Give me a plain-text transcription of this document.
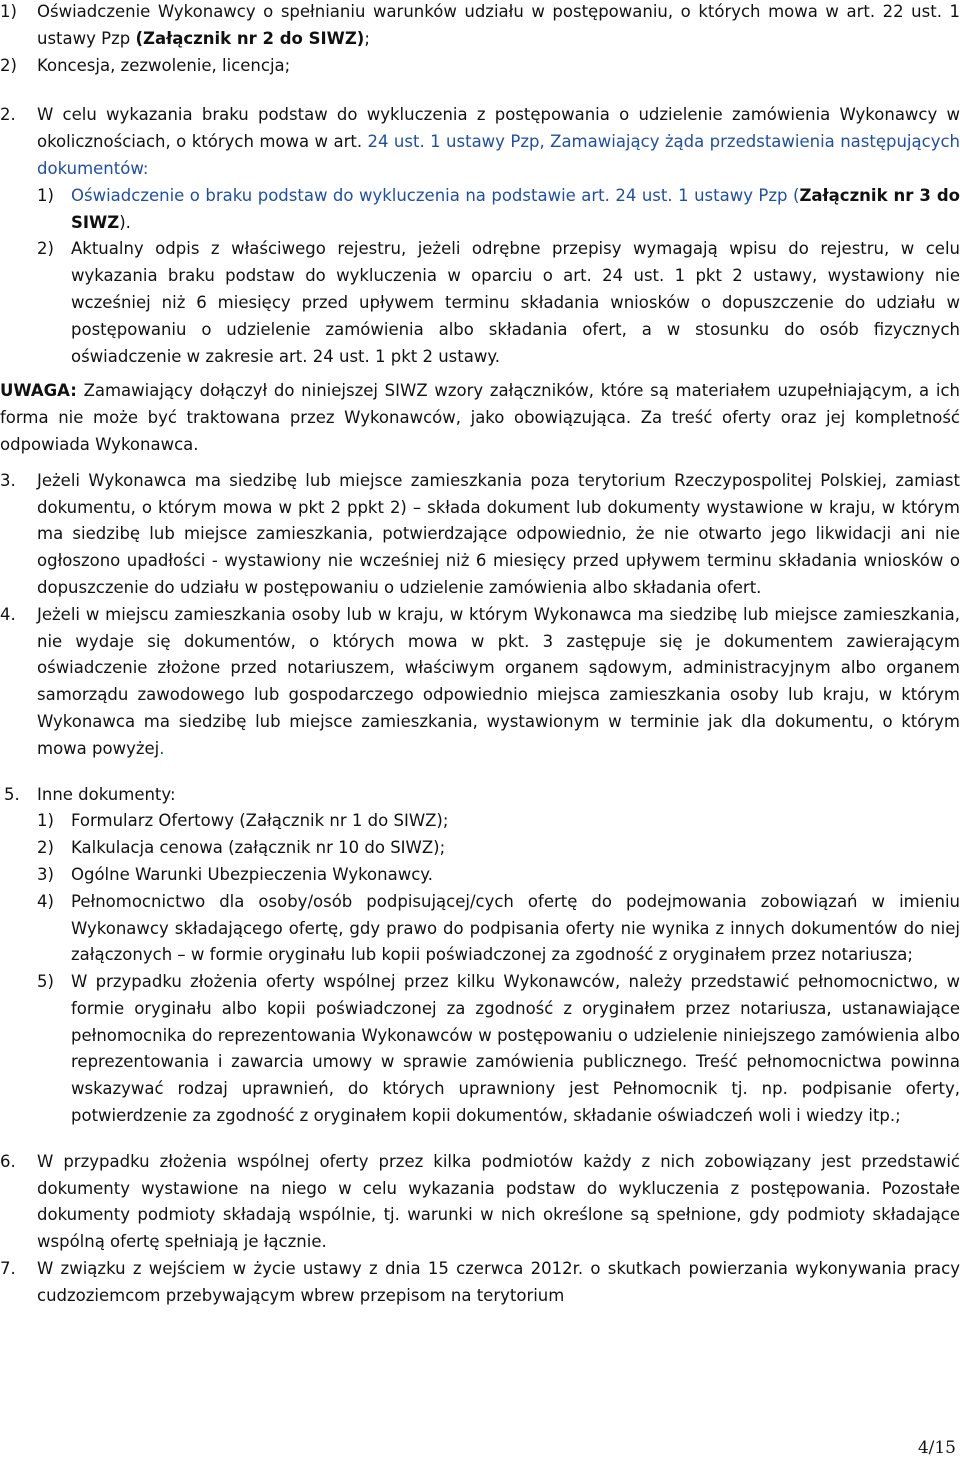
1) Oświadczenie Wykonawcy o spełnianiu warunków udziału w postępowaniu, o których mowa w art. 22 ust. 1 ustawy Pzp (Załącznik nr 2 do SIWZ);
2) Koncesja, zezwolenie, licencja;
2. W celu wykazania braku podstaw do wykluczenia z postępowania o udzielenie zamówienia Wykonawcy w okolicznościach, o których mowa w art. 24 ust. 1 ustawy Pzp, Zamawiający żąda przedstawienia następujących dokumentów:
1) Oświadczenie o braku podstaw do wykluczenia na podstawie art. 24 ust. 1 ustawy Pzp (Załącznik nr 3 do SIWZ).
2) Aktualny odpis z właściwego rejestru, jeżeli odrębne przepisy wymagają wpisu do rejestru, w celu wykazania braku podstaw do wykluczenia w oparciu o art. 24 ust. 1 pkt 2 ustawy, wystawiony nie wcześniej niż 6 miesięcy przed upływem terminu składania wniosków o dopuszczenie do udziału w postępowaniu o udzielenie zamówienia albo składania ofert, a w stosunku do osób fizycznych oświadczenie w zakresie art. 24 ust. 1 pkt 2 ustawy.
UWAGA: Zamawiający dołączył do niniejszej SIWZ wzory załączników, które są materiałem uzupełniającym, a ich forma nie może być traktowana przez Wykonawców, jako obowiązująca. Za treść oferty oraz jej kompletność odpowiada Wykonawca.
3. Jeżeli Wykonawca ma siedzibę lub miejsce zamieszkania poza terytorium Rzeczypospolitej Polskiej, zamiast dokumentu, o którym mowa w pkt 2 ppkt 2) – składa dokument lub dokumenty wystawione w kraju, w którym ma siedzibę lub miejsce zamieszkania, potwierdzające odpowiednio, że nie otwarto jego likwidacji ani nie ogłoszono upadłości - wystawiony nie wcześniej niż 6 miesięcy przed upływem terminu składania wniosków o dopuszczenie do udziału w postępowaniu o udzielenie zamówienia albo składania ofert.
4. Jeżeli w miejscu zamieszkania osoby lub w kraju, w którym Wykonawca ma siedzibę lub miejsce zamieszkania, nie wydaje się dokumentów, o których mowa w pkt. 3 zastępuje się je dokumentem zawierającym oświadczenie złożone przed notariuszem, właściwym organem sądowym, administracyjnym albo organem samorządu zawodowego lub gospodarczego odpowiednio miejsca zamieszkania osoby lub kraju, w którym Wykonawca ma siedzibę lub miejsce zamieszkania, wystawionym w terminie jak dla dokumentu, o którym mowa powyżej.
5. Inne dokumenty:
1) Formularz Ofertowy (Załącznik nr 1 do SIWZ);
2) Kalkulacja cenowa (załącznik nr 10 do SIWZ);
3) Ogólne Warunki Ubezpieczenia Wykonawcy.
4) Pełnomocnictwo dla osoby/osób podpisującej/cych ofertę do podejmowania zobowiązań w imieniu Wykonawcy składającego ofertę, gdy prawo do podpisania oferty nie wynika z innych dokumentów do niej załączonych – w formie oryginału lub kopii poświadczonej za zgodność z oryginałem przez notariusza;
5) W przypadku złożenia oferty wspólnej przez kilku Wykonawców, należy przedstawić pełnomocnictwo, w formie oryginału albo kopii poświadczonej za zgodność z oryginałem przez notariusza, ustanawiające pełnomocnika do reprezentowania Wykonawców w postępowaniu o udzielenie niniejszego zamówienia albo reprezentowania i zawarcia umowy w sprawie zamówienia publicznego. Treść pełnomocnictwa powinna wskazywać rodzaj uprawnień, do których uprawniony jest Pełnomocnik tj. np. podpisanie oferty, potwierdzenie za zgodność z oryginałem kopii dokumentów, składanie oświadczeń woli i wiedzy itp.;
6. W przypadku złożenia wspólnej oferty przez kilka podmiotów każdy z nich zobowiązany jest przedstawić dokumenty wystawione na niego w celu wykazania podstaw do wykluczenia z postępowania. Pozostałe dokumenty podmioty składają wspólnie, tj. warunki w nich określone są spełnione, gdy podmioty składające wspólną ofertę spełniają je łącznie.
7. W związku z wejściem w życie ustawy z dnia 15 czerwca 2012r. o skutkach powierzania wykonywania pracy cudzoziemcom przebywającym wbrew przepisom na terytorium
4/15
